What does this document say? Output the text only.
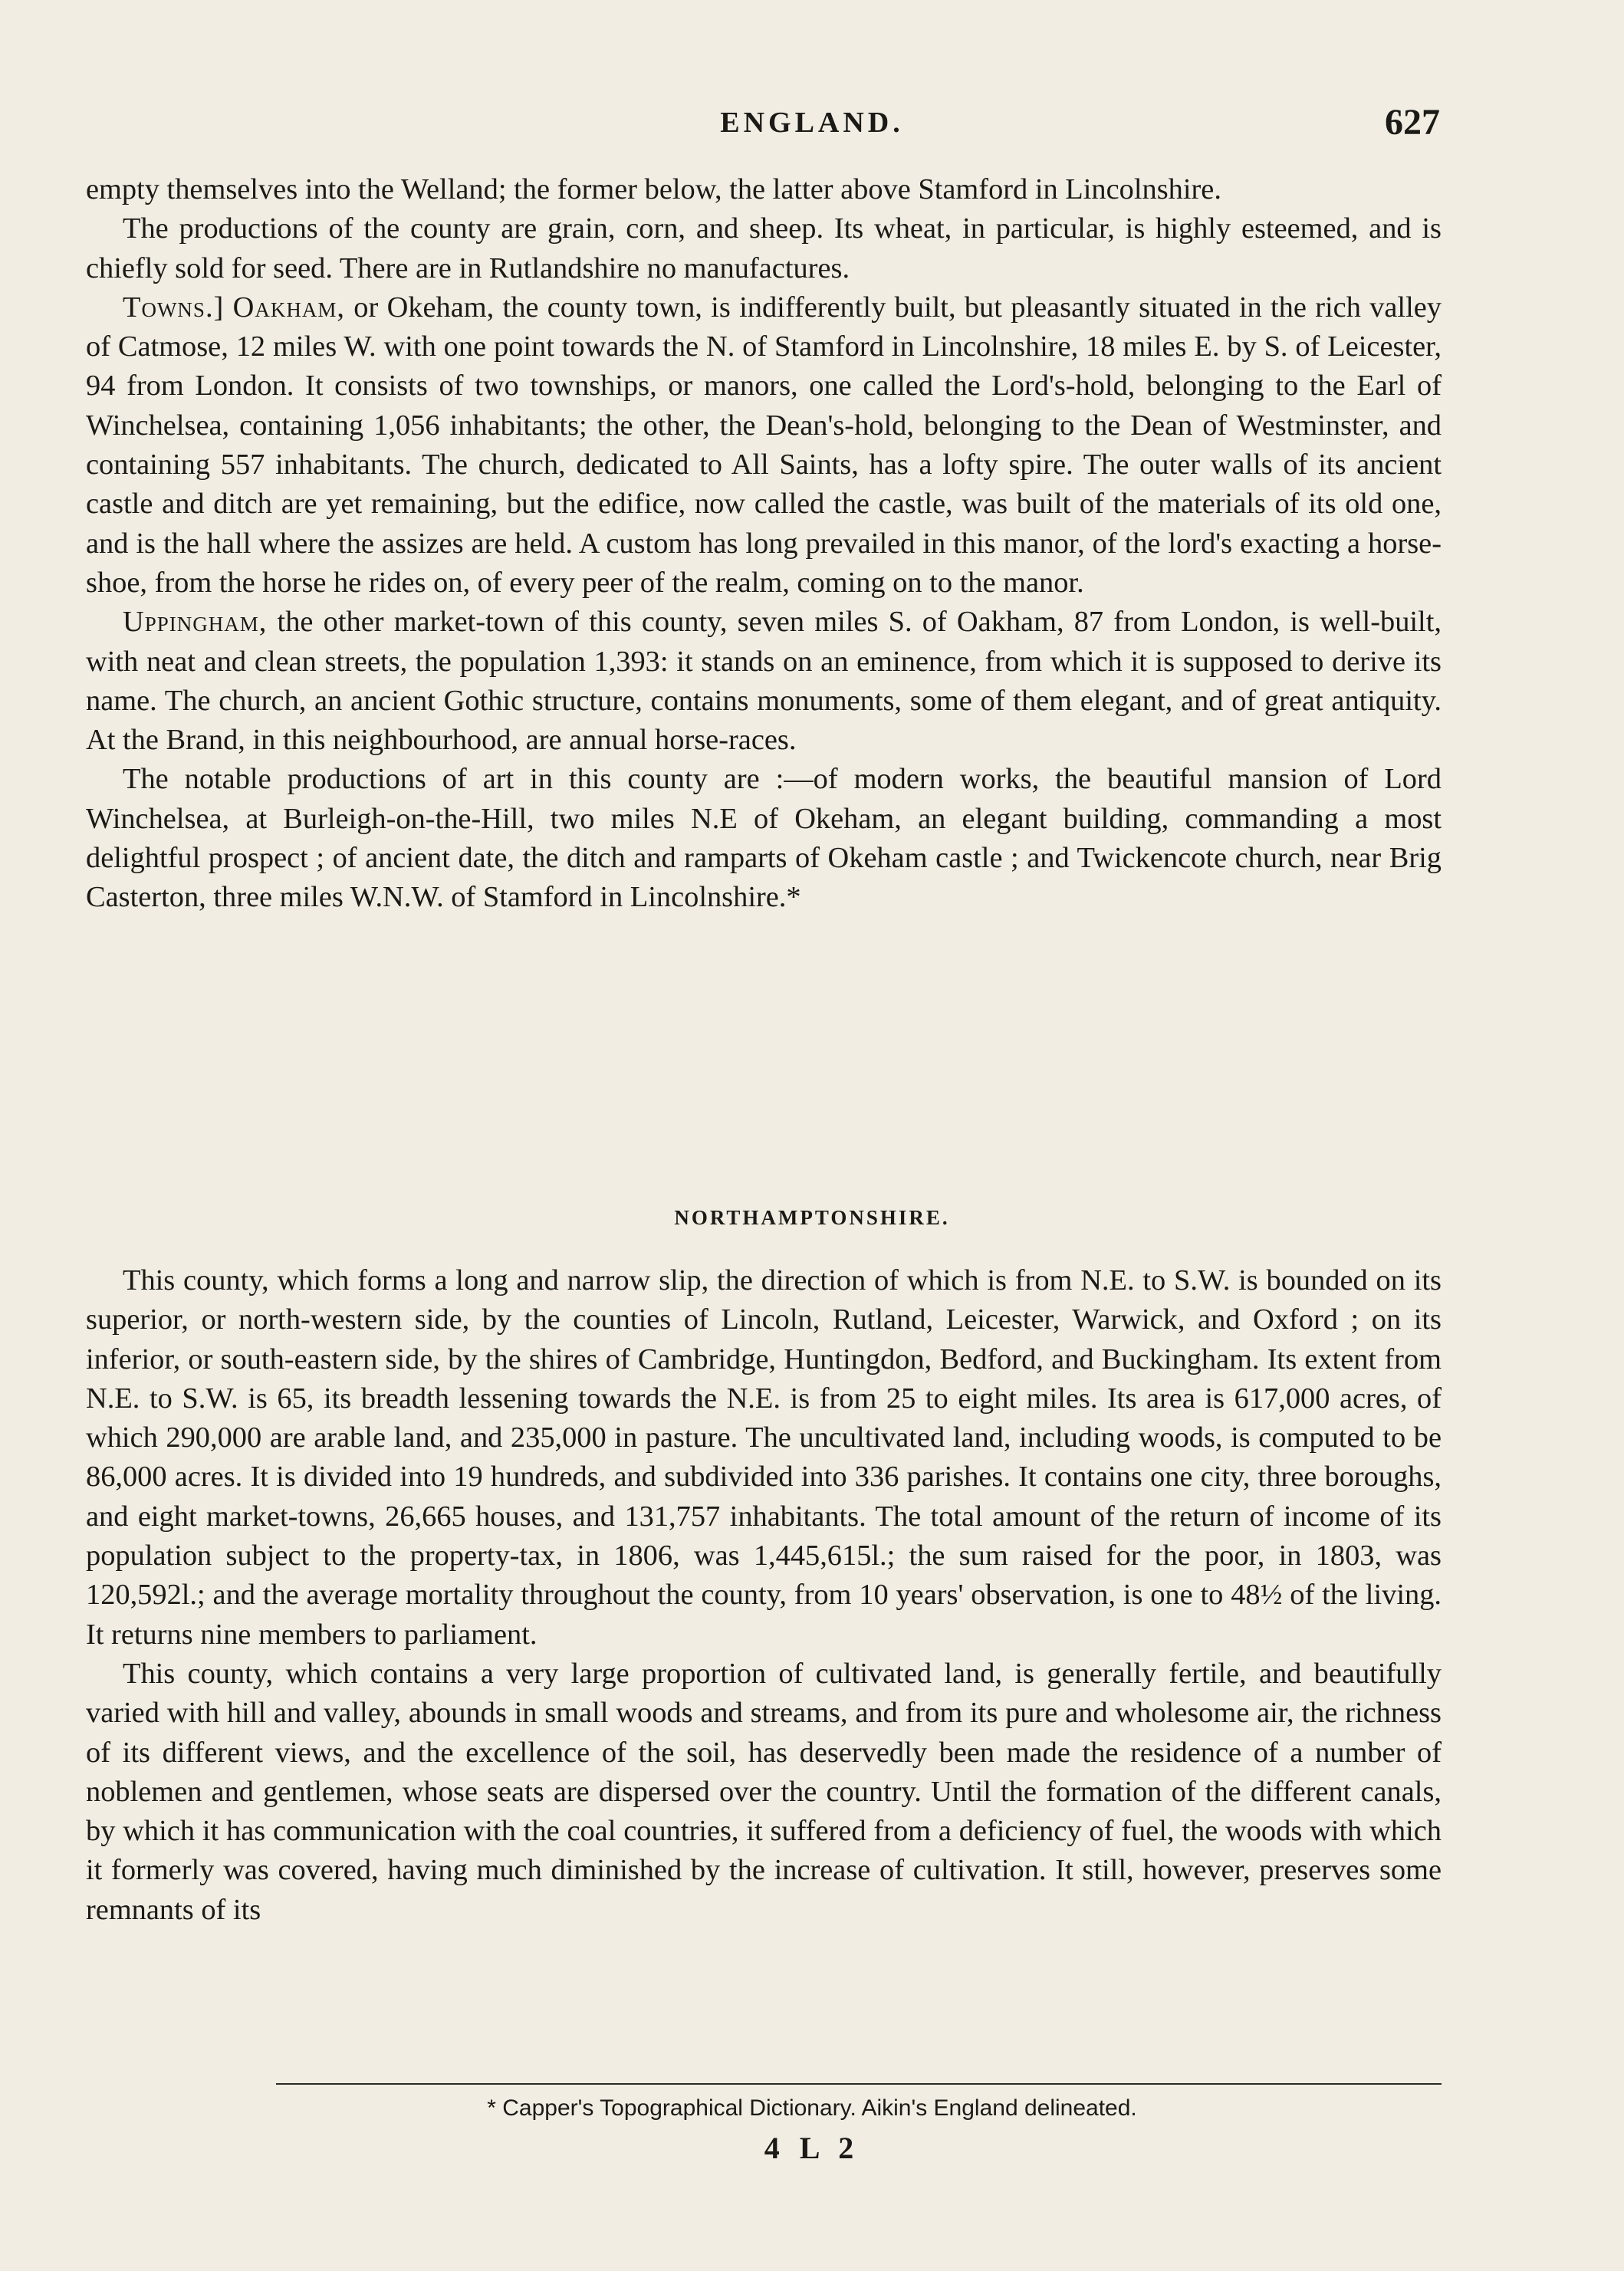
ENGLAND.	627

empty themselves into the Welland; the former below, the latter above Stamford in Lincolnshire.

The productions of the county are grain, corn, and sheep. Its wheat, in particular, is highly esteemed, and is chiefly sold for seed. There are in Rutlandshire no manufactures.

Towns.] Oakham, or Okeham, the county town, is indifferently built, but pleasantly situated in the rich valley of Catmose, 12 miles W. with one point towards the N. of Stamford in Lincolnshire, 18 miles E. by S. of Leicester, 94 from London. It consists of two townships, or manors, one called the Lord's-hold, belonging to the Earl of Winchelsea, containing 1,056 inhabitants; the other, the Dean's-hold, belonging to the Dean of Westminster, and containing 557 inhabitants. The church, dedicated to All Saints, has a lofty spire. The outer walls of its ancient castle and ditch are yet remaining, but the edifice, now called the castle, was built of the materials of its old one, and is the hall where the assizes are held. A custom has long prevailed in this manor, of the lord's exacting a horse-shoe, from the horse he rides on, of every peer of the realm, coming on to the manor.

Uppingham, the other market-town of this county, seven miles S. of Oakham, 87 from London, is well-built, with neat and clean streets, the population 1,393: it stands on an eminence, from which it is supposed to derive its name. The church, an ancient Gothic structure, contains monuments, some of them elegant, and of great antiquity. At the Brand, in this neighbourhood, are annual horse-races.

The notable productions of art in this county are :—of modern works, the beautiful mansion of Lord Winchelsea, at Burleigh-on-the-Hill, two miles N.E of Okeham, an elegant building, commanding a most delightful prospect ; of ancient date, the ditch and ramparts of Okeham castle ; and Twickencote church, near Brig Casterton, three miles W.N.W. of Stamford in Lincolnshire.*

NORTHAMPTONSHIRE.

This county, which forms a long and narrow slip, the direction of which is from N.E. to S.W. is bounded on its superior, or north-western side, by the counties of Lincoln, Rutland, Leicester, Warwick, and Oxford ; on its inferior, or south-eastern side, by the shires of Cambridge, Huntingdon, Bedford, and Buckingham. Its extent from N.E. to S.W. is 65, its breadth lessening towards the N.E. is from 25 to eight miles. Its area is 617,000 acres, of which 290,000 are arable land, and 235,000 in pasture. The uncultivated land, including woods, is computed to be 86,000 acres. It is divided into 19 hundreds, and subdivided into 336 parishes. It contains one city, three boroughs, and eight market-towns, 26,665 houses, and 131,757 inhabitants. The total amount of the return of income of its population subject to the property-tax, in 1806, was 1,445,615l.; the sum raised for the poor, in 1803, was 120,592l.; and the average mortality throughout the county, from 10 years' observation, is one to 48½ of the living. It returns nine members to parliament.

This county, which contains a very large proportion of cultivated land, is generally fertile, and beautifully varied with hill and valley, abounds in small woods and streams, and from its pure and wholesome air, the richness of its different views, and the excellence of the soil, has deservedly been made the residence of a number of noblemen and gentlemen, whose seats are dispersed over the country. Until the formation of the different canals, by which it has communication with the coal countries, it suffered from a deficiency of fuel, the woods with which it formerly was covered, having much diminished by the increase of cultivation. It still, however, preserves some remnants of its

* Capper's Topographical Dictionary. Aikin's England delineated.
4 L 2
